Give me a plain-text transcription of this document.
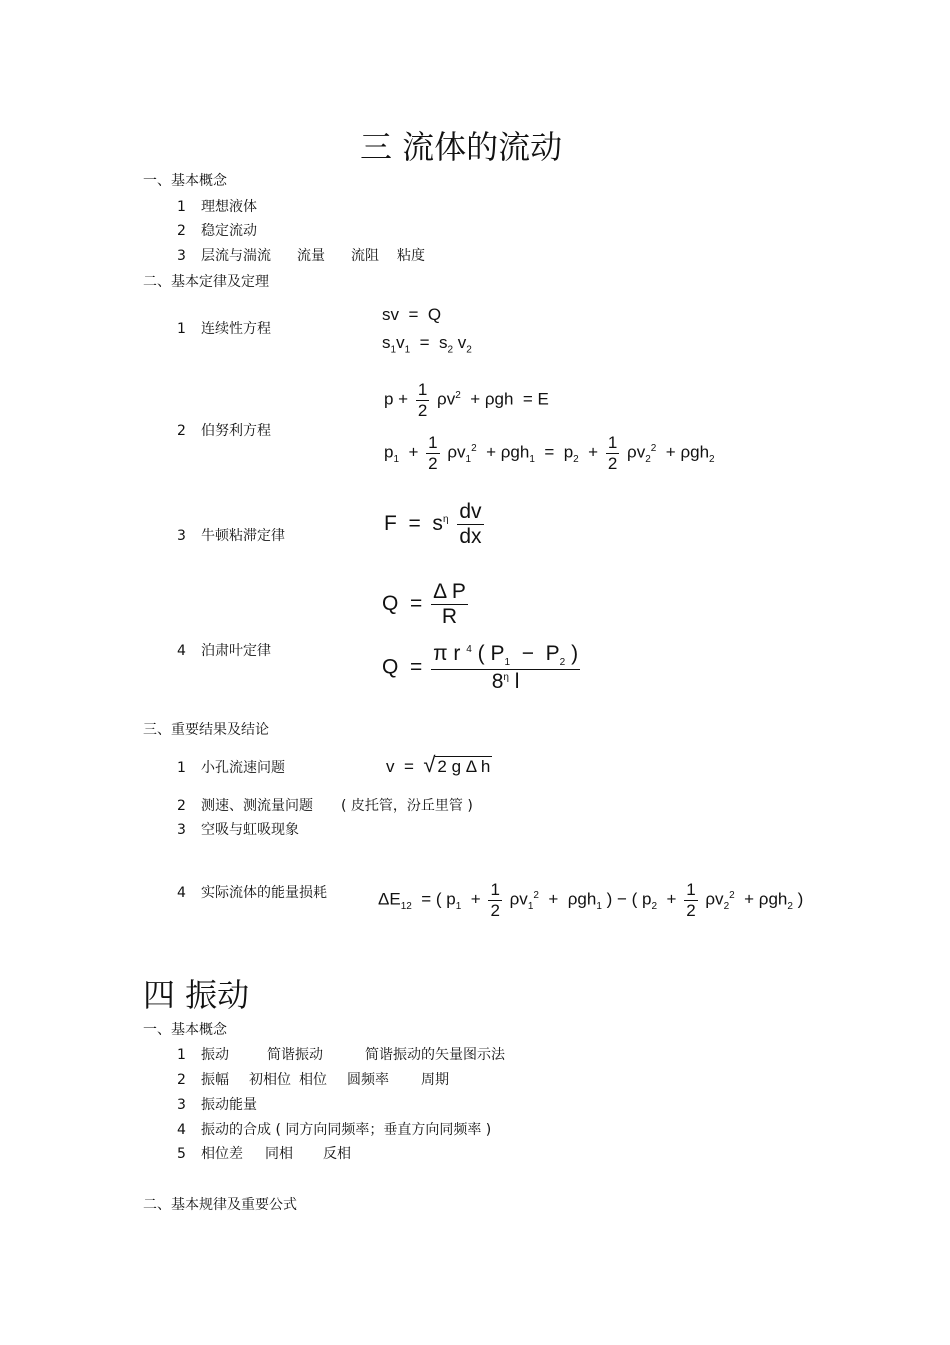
三 流体的流动
一、基本概念
1 理想液体
2 稳定流动
3 层流与湍流 流量 流阻 粘度
二、基本定律及定理
1 连续性方程
sv  =  Q
$s_1v_1 = s_2$ $v_2$
2 伯努利方程
$p + \frac{1}{2} \rho v^2 + \rho gh = E$
$p_1 + \frac{1}{2} \rho v_1^2 + \rho gh_1 = p_2 + \frac{1}{2} \rho v_2^2 + \rho gh_2$
3 牛顿粘滞定律
$F = s^\eta \frac{dv}{dx}$
4 泊肃叶定律
$Q = \frac{\text{Δ P}}{R}$
$Q = \frac{\pi r ^4 ( P_1 - P_2 )}{8^\eta l}$
三、重要结果及结论
1 小孔流速问题	v  =  √ 2 g Δ h
2 测速、测流量问题 ( 皮托管，汾丘里管 )
3 空吸与虹吸现象
4 实际流体的能量损耗	$\Delta E_{12}$  = ( $p_1 + \frac{1}{2} \rho v_1^2 + \rho gh_1$ ) − ( $p_2 + \frac{1}{2} \rho v_2^2 + \rho gh_2$ )
四 振动
一、基本概念
1 振动	简谐振动	简谐振动的矢量图示法
2 振幅 初相位 相位 圆频率 周期
3 振动能量
4 振动的合成 ( 同方向同频率；垂直方向同频率 )
5 相位差 同相 反相
二、基本规律及重要公式
